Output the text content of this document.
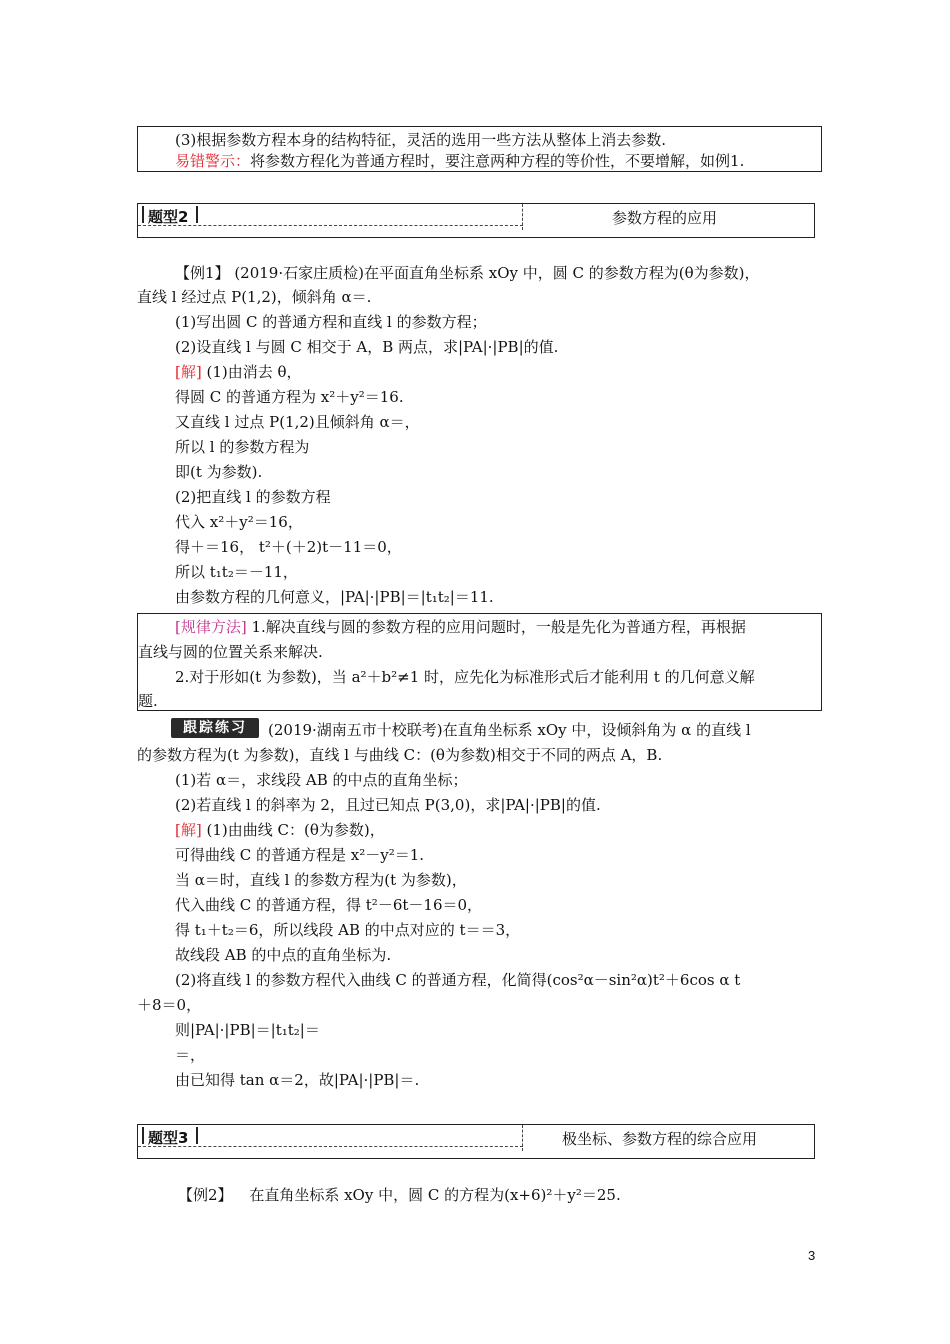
(3)根据参数方程本身的结构特征，灵活的选用一些方法从整体上消去参数.
易错警示：将参数方程化为普通方程时，要注意两种方程的等价性，不要增解，如例1.
题型2	参数方程的应用
【例1】 (2019·石家庄质检)在平面直角坐标系 xOy 中，圆 C 的参数方程为(θ为参数)，
直线 l 经过点 P(1,2)，倾斜角 α＝.
(1)写出圆 C 的普通方程和直线 l 的参数方程；
(2)设直线 l 与圆 C 相交于 A，B 两点，求|PA|·|PB|的值.
[解] (1)由消去 θ，
得圆 C 的普通方程为 x²＋y²＝16.
又直线 l 过点 P(1,2)且倾斜角 α＝，
所以 l 的参数方程为
即(t 为参数).
(2)把直线 l 的参数方程
代入 x²＋y²＝16，
得＋＝16， t²＋(＋2)t－11＝0，
所以 t₁t₂＝－11，
由参数方程的几何意义，|PA|·|PB|＝|t₁t₂|＝11.
[规律方法] 1.解决直线与圆的参数方程的应用问题时，一般是先化为普通方程，再根据
直线与圆的位置关系来解决.
2.对于形如(t 为参数)，当 a²＋b²≠1 时，应先化为标准形式后才能利用 t 的几何意义解
题.
跟踪练习	(2019·湖南五市十校联考)在直角坐标系 xOy 中，设倾斜角为 α 的直线 l
的参数方程为(t 为参数)，直线 l 与曲线 C：(θ为参数)相交于不同的两点 A，B.
(1)若 α＝，求线段 AB 的中点的直角坐标；
(2)若直线 l 的斜率为 2，且过已知点 P(3,0)，求|PA|·|PB|的值.
[解] (1)由曲线 C：(θ为参数)，
可得曲线 C 的普通方程是 x²－y²＝1.
当 α＝时，直线 l 的参数方程为(t 为参数)，
代入曲线 C 的普通方程，得 t²－6t－16＝0，
得 t₁＋t₂＝6，所以线段 AB 的中点对应的 t＝＝3，
故线段 AB 的中点的直角坐标为.
(2)将直线 l 的参数方程代入曲线 C 的普通方程，化简得(cos²α－sin²α)t²＋6cos α t
＋8＝0，
则|PA|·|PB|＝|t₁t₂|＝
＝，
由已知得 tan α＝2，故|PA|·|PB|＝.
题型3	极坐标、参数方程的综合应用
【例2】 在直角坐标系 xOy 中，圆 C 的方程为(x+6)²＋y²＝25.
3
